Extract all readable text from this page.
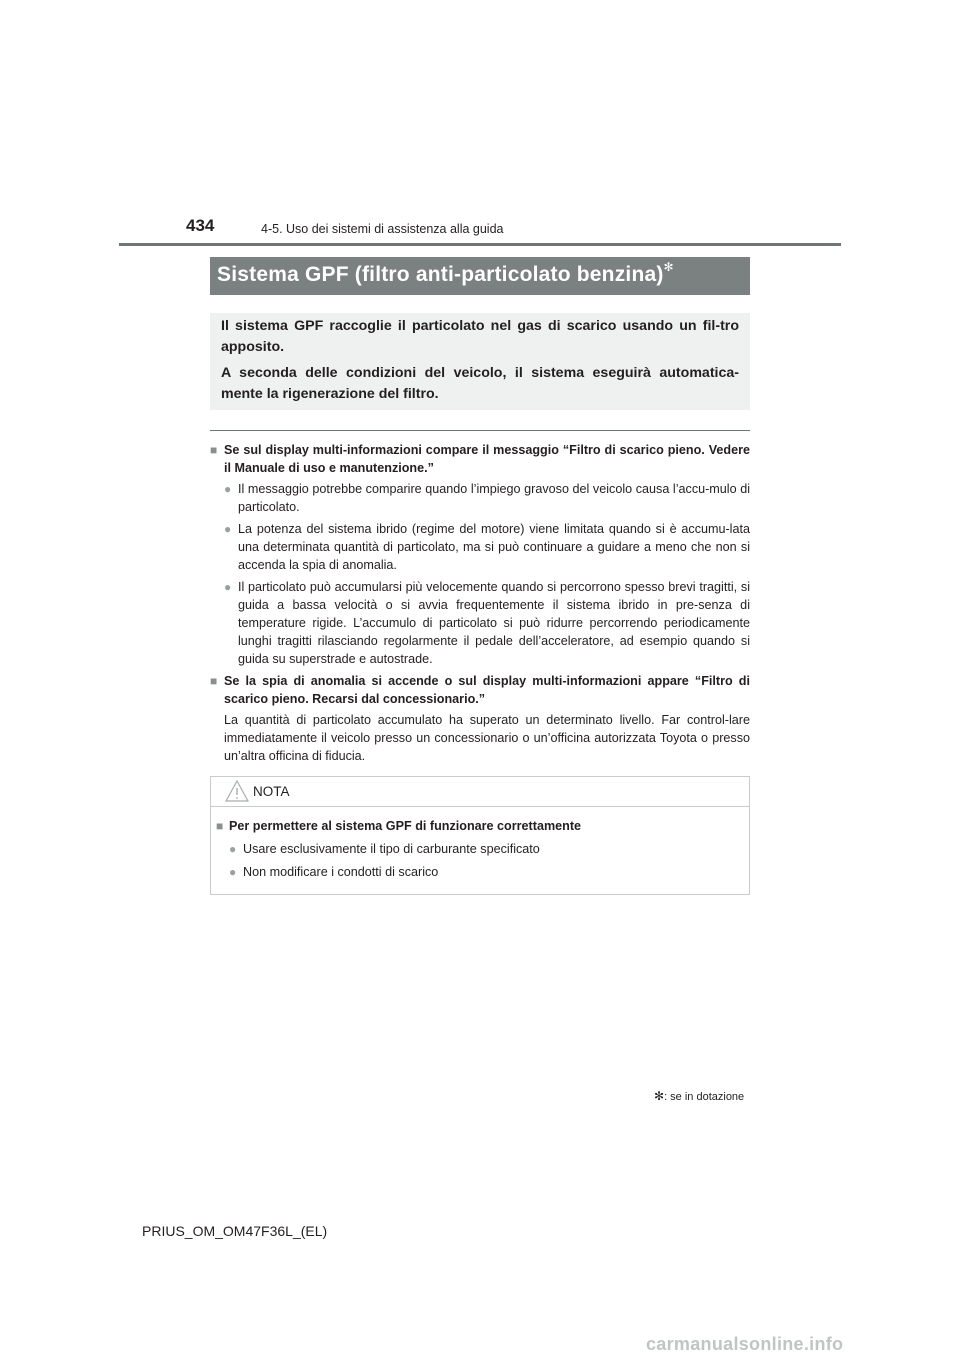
434	4-5. Uso dei sistemi di assistenza alla guida
Sistema GPF (filtro anti-particolato benzina)✻
Il sistema GPF raccoglie il particolato nel gas di scarico usando un fil-tro apposito.
A seconda delle condizioni del veicolo, il sistema eseguirà automatica-mente la rigenerazione del filtro.
■ Se sul display multi-informazioni compare il messaggio “Filtro di scarico pieno. Vedere il Manuale di uso e manutenzione.”
● Il messaggio potrebbe comparire quando l’impiego gravoso del veicolo causa l’accu-mulo di particolato.
● La potenza del sistema ibrido (regime del motore) viene limitata quando si è accumu-lata una determinata quantità di particolato, ma si può continuare a guidare a meno che non si accenda la spia di anomalia.
● Il particolato può accumularsi più velocemente quando si percorrono spesso brevi tragitti, si guida a bassa velocità o si avvia frequentemente il sistema ibrido in pre-senza di temperature rigide. L’accumulo di particolato si può ridurre percorrendo periodicamente lunghi tragitti rilasciando regolarmente il pedale dell’acceleratore, ad esempio quando si guida su superstrade e autostrade.
■ Se la spia di anomalia si accende o sul display multi-informazioni appare “Filtro di scarico pieno. Recarsi dal concessionario.”
La quantità di particolato accumulato ha superato un determinato livello. Far control-lare immediatamente il veicolo presso un concessionario o un’officina autorizzata Toyota o presso un’altra officina di fiducia.
NOTA
■ Per permettere al sistema GPF di funzionare correttamente
● Usare esclusivamente il tipo di carburante specificato
● Non modificare i condotti di scarico
✻: se in dotazione
PRIUS_OM_OM47F36L_(EL)
carmanualsonline.info
